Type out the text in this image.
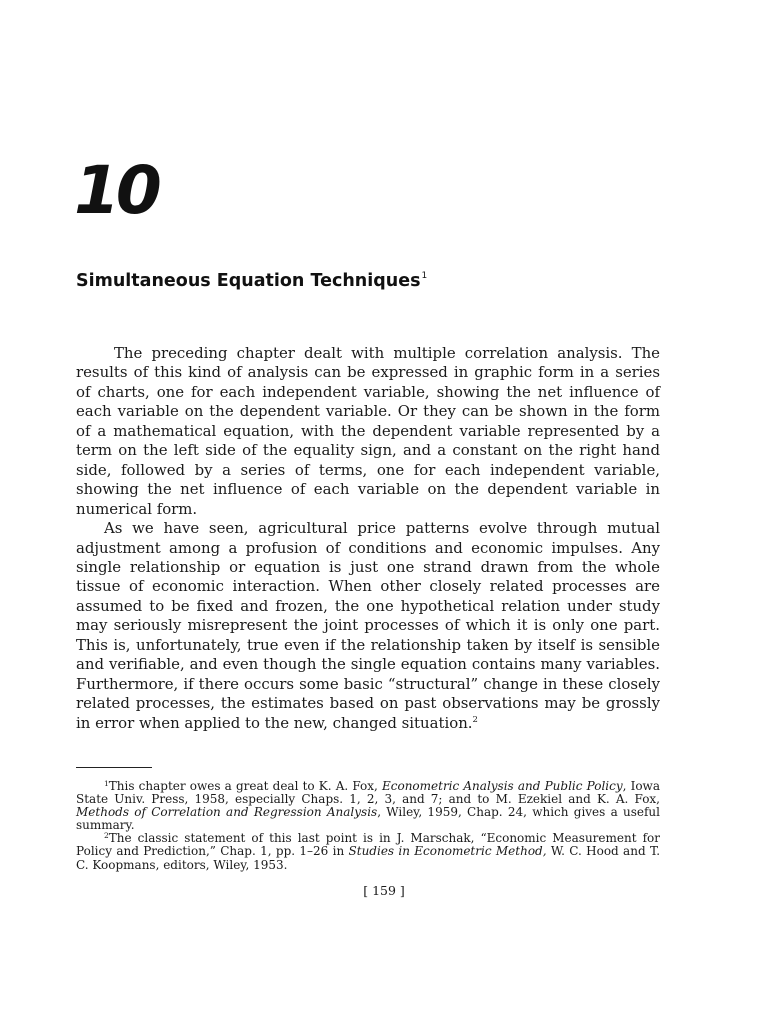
10
Simultaneous Equation Techniques$^1$

The preceding chapter dealt with multiple correlation analysis. The results of this kind of analysis can be expressed in graphic form in a series of charts, one for each independent variable, showing the net influence of each variable on the dependent variable. Or they can be shown in the form of a mathematical equation, with the dependent variable represented by a term on the left side of the equality sign, and a constant on the right hand side, followed by a series of terms, one for each independent variable, showing the net influence of each variable on the dependent variable in numerical form.

As we have seen, agricultural price patterns evolve through mutual adjustment among a profusion of conditions and economic impulses. Any single relationship or equation is just one strand drawn from the whole tissue of economic interaction. When other closely related processes are assumed to be fixed and frozen, the one hypothetical relation under study may seriously misrepresent the joint processes of which it is only one part. This is, unfortunately, true even if the relationship taken by itself is sensible and verifiable, and even though the single equation contains many variables. Furthermore, if there occurs some basic “structural” change in these closely related processes, the estimates based on past observations may be grossly in error when applied to the new, changed situation.$^2$

$^1$This chapter owes a great deal to K. A. Fox, Econometric Analysis and Public Policy, Iowa State Univ. Press, 1958, especially Chaps. 1, 2, 3, and 7; and to M. Ezekiel and K. A. Fox, Methods of Correlation and Regression Analysis, Wiley, 1959, Chap. 24, which gives a useful summary.

$^2$The classic statement of this last point is in J. Marschak, “Economic Measurement for Policy and Prediction,” Chap. 1, pp. 1–26 in Studies in Econometric Method, W. C. Hood and T. C. Koopmans, editors, Wiley, 1953.

[ 159 ]
